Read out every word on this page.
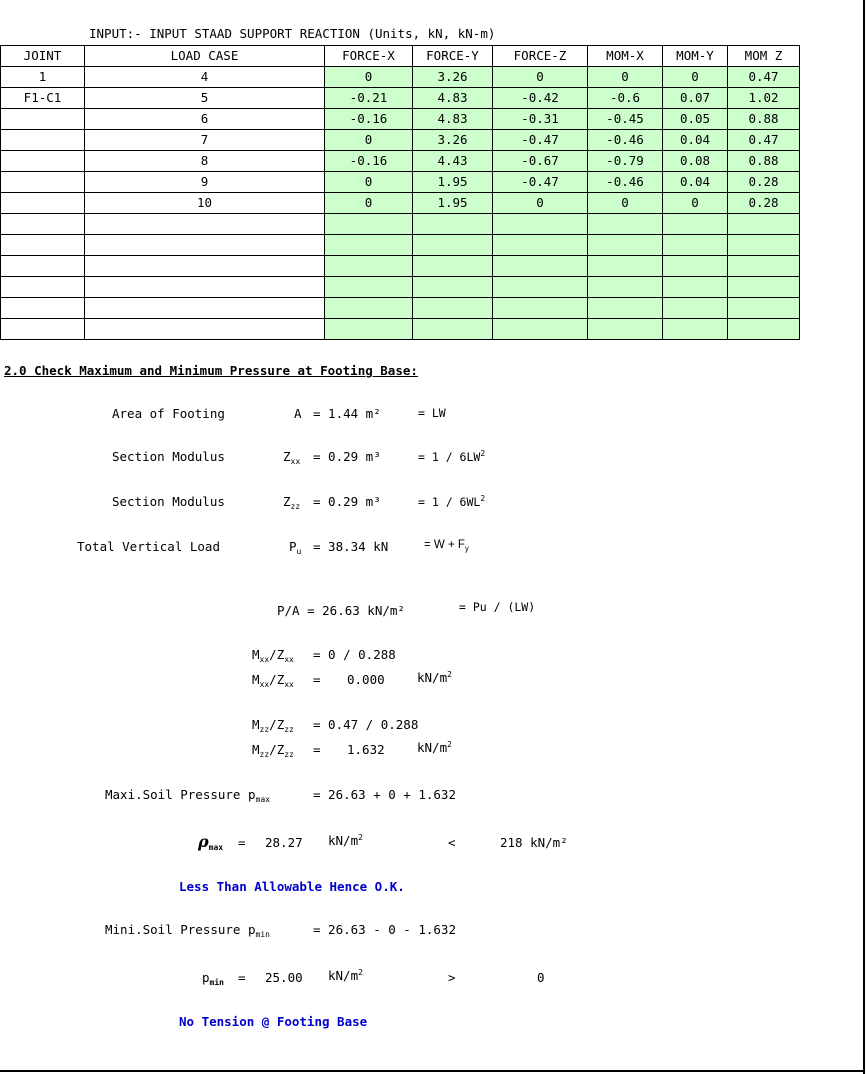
INPUT:- INPUT STAAD SUPPORT REACTION (Units, kN, kN-m)
JOINT	LOAD CASE	FORCE-X	FORCE-Y	FORCE-Z	MOM-X	MOM-Y	MOM Z
1	4	0	3.26	0	0	0	0.47
F1-C1	5	-0.21	4.83	-0.42	-0.6	0.07	1.02
	6	-0.16	4.83	-0.31	-0.45	0.05	0.88
	7	0	3.26	-0.47	-0.46	0.04	0.47
	8	-0.16	4.43	-0.67	-0.79	0.08	0.88
	9	0	1.95	-0.47	-0.46	0.04	0.28
	10	0	1.95	0	0	0	0.28

2.0 Check Maximum and Minimum Pressure at Footing Base:
Area of Footing	A = 1.44 m²	= LW
Section Modulus	$Z_{xx} = 0.29$ m³	= $1 / 6LW^2$
Section Modulus	$Z_{zz} = 0.29$ m³	= $1 / 6WL^2$
Total Vertical Load	$P_u = 38.34$ kN	= $W + F_y$
P/A = 26.63 kN/m²	= Pu / (LW)
$M_{xx}/Z_{xx} = 0 / 0.288$
$M_{xx}/Z_{xx} = 0.000$	$kN/m^2$
$M_{zz}/Z_{zz} = 0.47 / 0.288$
$M_{zz}/Z_{zz} = 1.632$	$kN/m^2$
Maxi.Soil Pressure $p_{max}$	= 26.63 + 0 + 1.632
$\rho_{max} = 28.27$ $kN/m^2$	<	218 kN/m²
Less Than Allowable Hence O.K.
Mini.Soil Pressure $p_{min}$	= 26.63 - 0 - 1.632
$p_{min} = 25.00$ $kN/m^2$	>	0
No Tension @ Footing Base
